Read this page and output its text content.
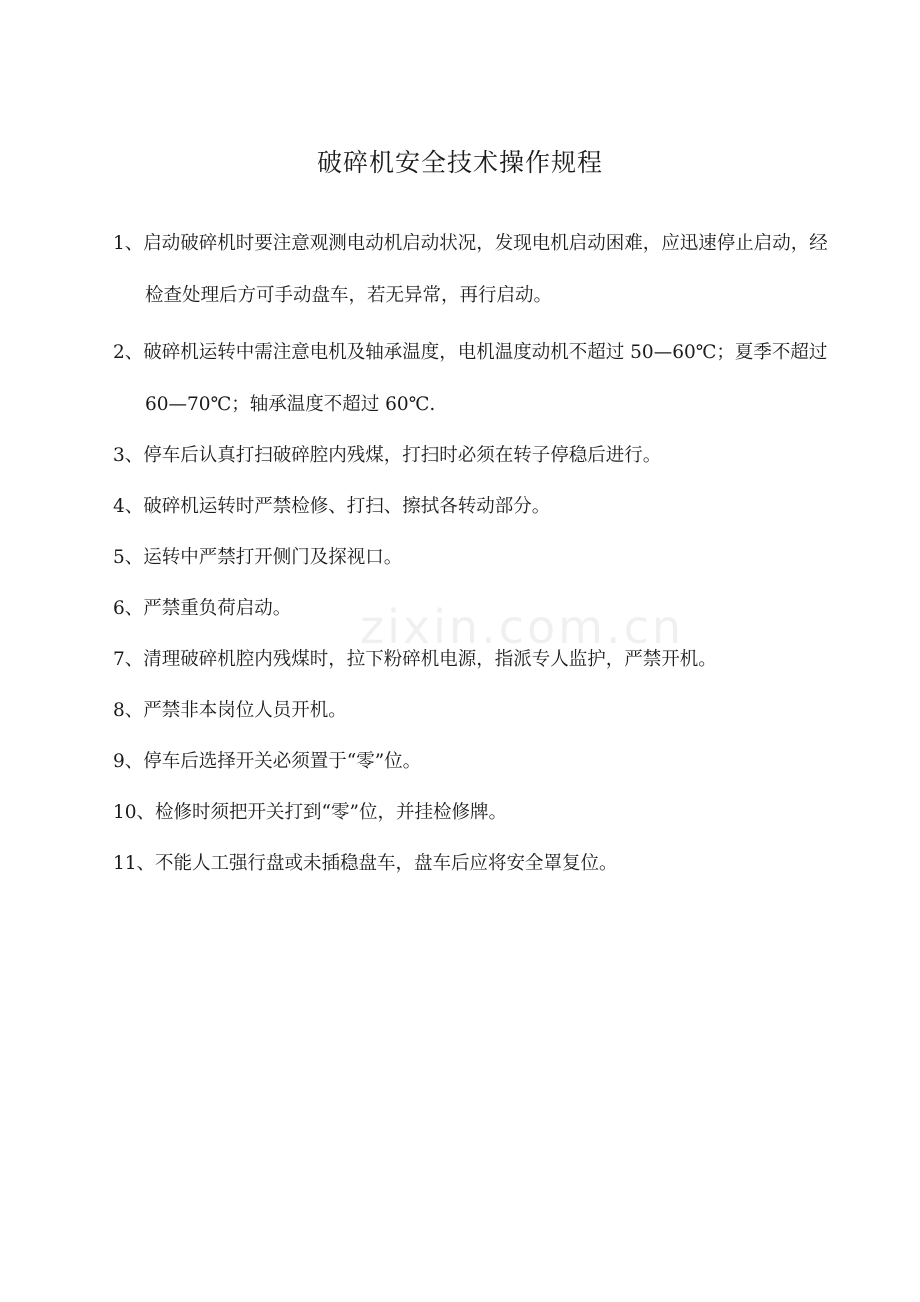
破碎机安全技术操作规程
1、启动破碎机时要注意观测电动机启动状况，发现电机启动困难，应迅速停止启动，经检查处理后方可手动盘车，若无异常，再行启动。
2、破碎机运转中需注意电机及轴承温度，电机温度动机不超过 50—60℃；夏季不超过 60—70℃；轴承温度不超过 60℃.
3、停车后认真打扫破碎腔内残煤，打扫时必须在转子停稳后进行。
4、破碎机运转时严禁检修、打扫、擦拭各转动部分。
5、运转中严禁打开侧门及探视口。
6、严禁重负荷启动。
7、清理破碎机腔内残煤时，拉下粉碎机电源，指派专人监护，严禁开机。
8、严禁非本岗位人员开机。
9、停车后选择开关必须置于“零”位。
10、检修时须把开关打到“零”位，并挂检修牌。
11、不能人工强行盘或未插稳盘车，盘车后应将安全罩复位。
zixin.com.cn
